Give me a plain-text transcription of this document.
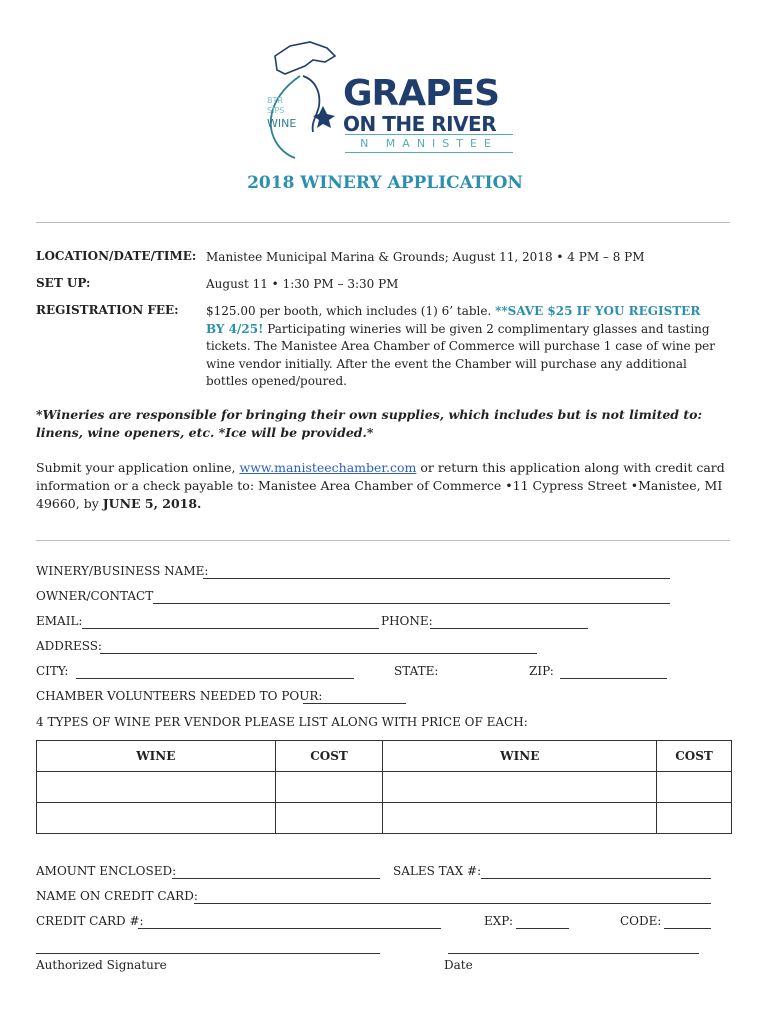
BTR
SIPS
WINE
GRAPES
ON THE RIVER
N MANISTEE
2018 WINERY APPLICATION
LOCATION/DATE/TIME: Manistee Municipal Marina & Grounds; August 11, 2018 • 4 PM – 8 PM
SET UP:	August 11 • 1:30 PM – 3:30 PM
REGISTRATION FEE: $125.00 per booth, which includes (1) 6’ table. **SAVE $25 IF YOU REGISTER BY 4/25! Participating wineries will be given 2 complimentary glasses and tasting tickets. The Manistee Area Chamber of Commerce will purchase 1 case of wine per wine vendor initially. After the event the Chamber will purchase any additional bottles opened/poured.
*Wineries are responsible for bringing their own supplies, which includes but is not limited to: linens, wine openers, etc. *Ice will be provided.*
Submit your application online, www.manisteechamber.com or return this application along with credit card information or a check payable to: Manistee Area Chamber of Commerce •11 Cypress Street •Manistee, MI 49660, by JUNE 5, 2018.
WINERY/BUSINESS NAME:
OWNER/CONTACT
EMAIL:	PHONE:
ADDRESS:
CITY:	STATE:	ZIP:
CHAMBER VOLUNTEERS NEEDED TO POUR:
4 TYPES OF WINE PER VENDOR PLEASE LIST ALONG WITH PRICE OF EACH:
WINE	COST	WINE	COST

AMOUNT ENCLOSED:	SALES TAX #:
NAME ON CREDIT CARD:
CREDIT CARD #:	EXP:	CODE:
Authorized Signature	Date
